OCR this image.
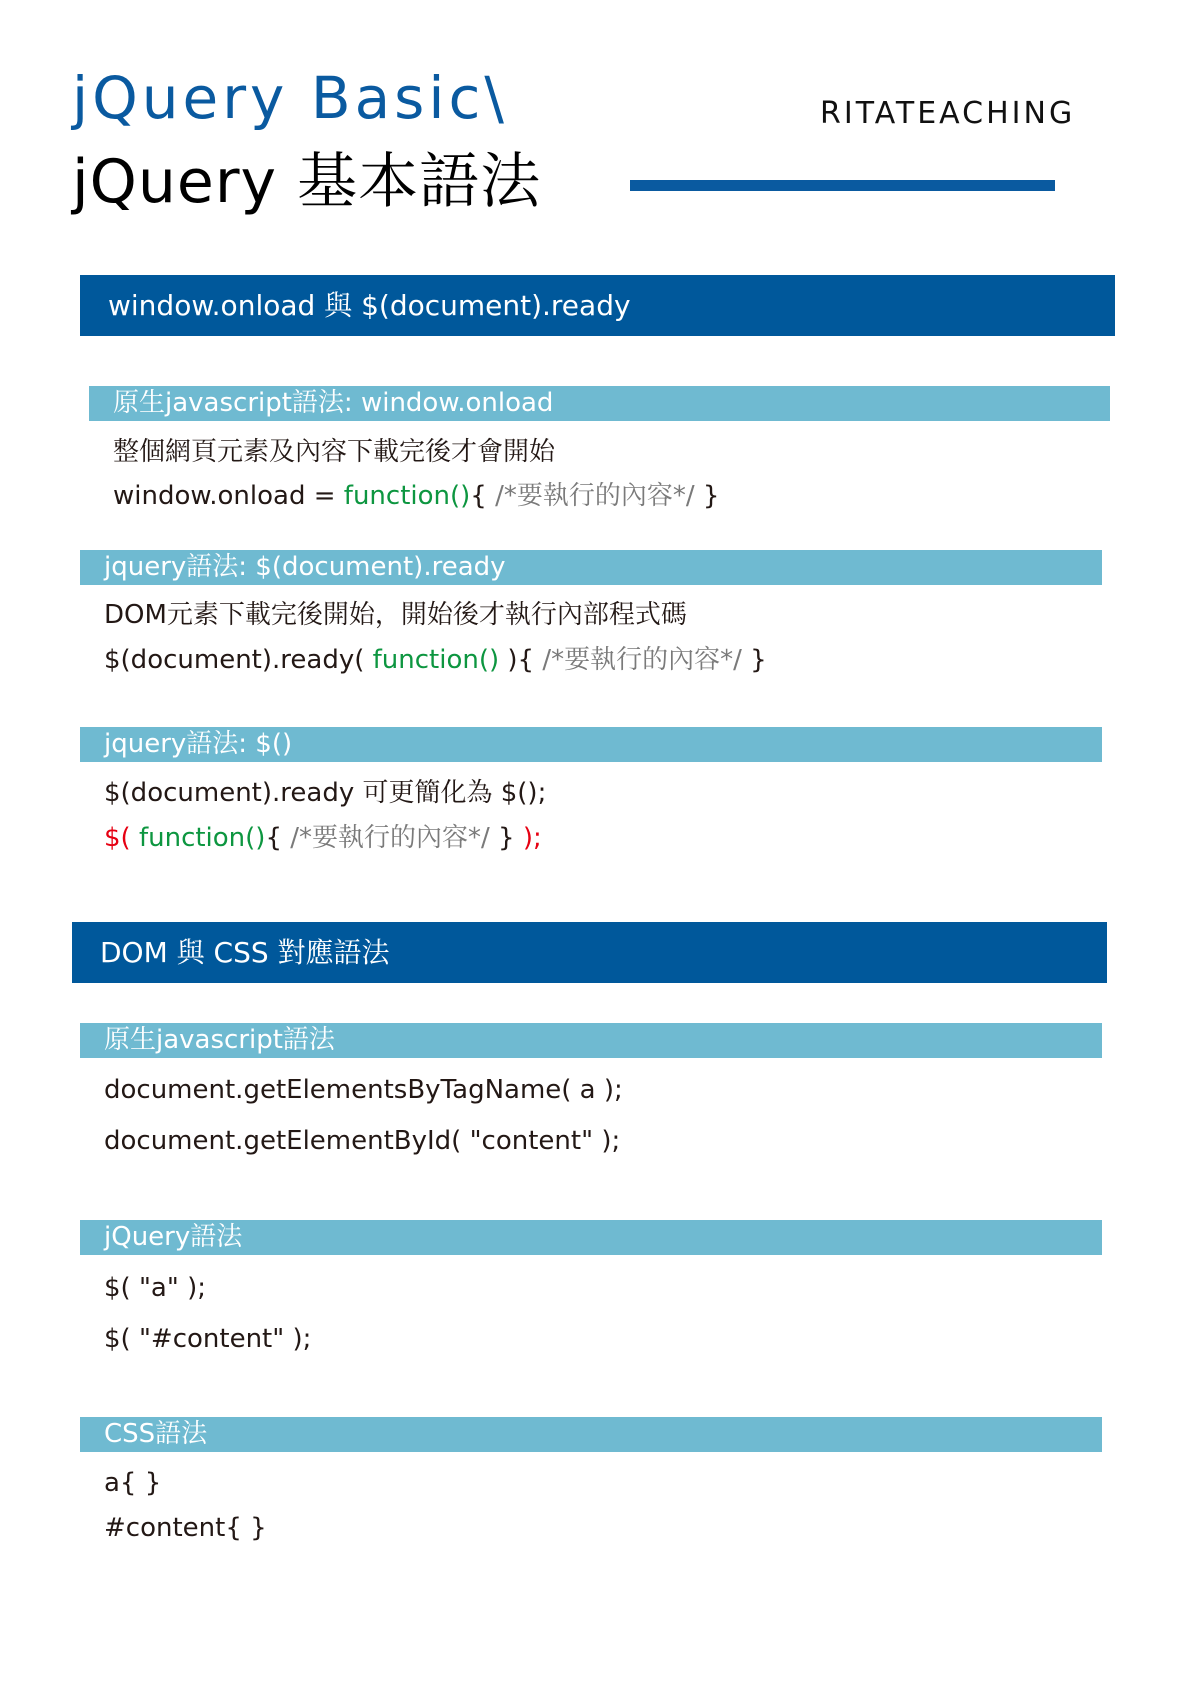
jQuery Basic\
jQuery 基本語法
RITATEACHING
window.onload 與 $(document).ready
原生javascript語法: window.onload
整個網頁元素及內容下載完後才會開始
window.onload = function(){ /*要執行的內容*/ }
jquery語法: $(document).ready
DOM元素下載完後開始，開始後才執行內部程式碼
$(document).ready( function() ){ /*要執行的內容*/ }
jquery語法: $()
$(document).ready 可更簡化為 $();
$( function(){ /*要執行的內容*/ } );
DOM 與 CSS 對應語法
原生javascript語法
document.getElementsByTagName( a );
document.getElementById( "content" );
jQuery語法
$( "a" );
$( "#content" );
CSS語法
a{ }
#content{ }
